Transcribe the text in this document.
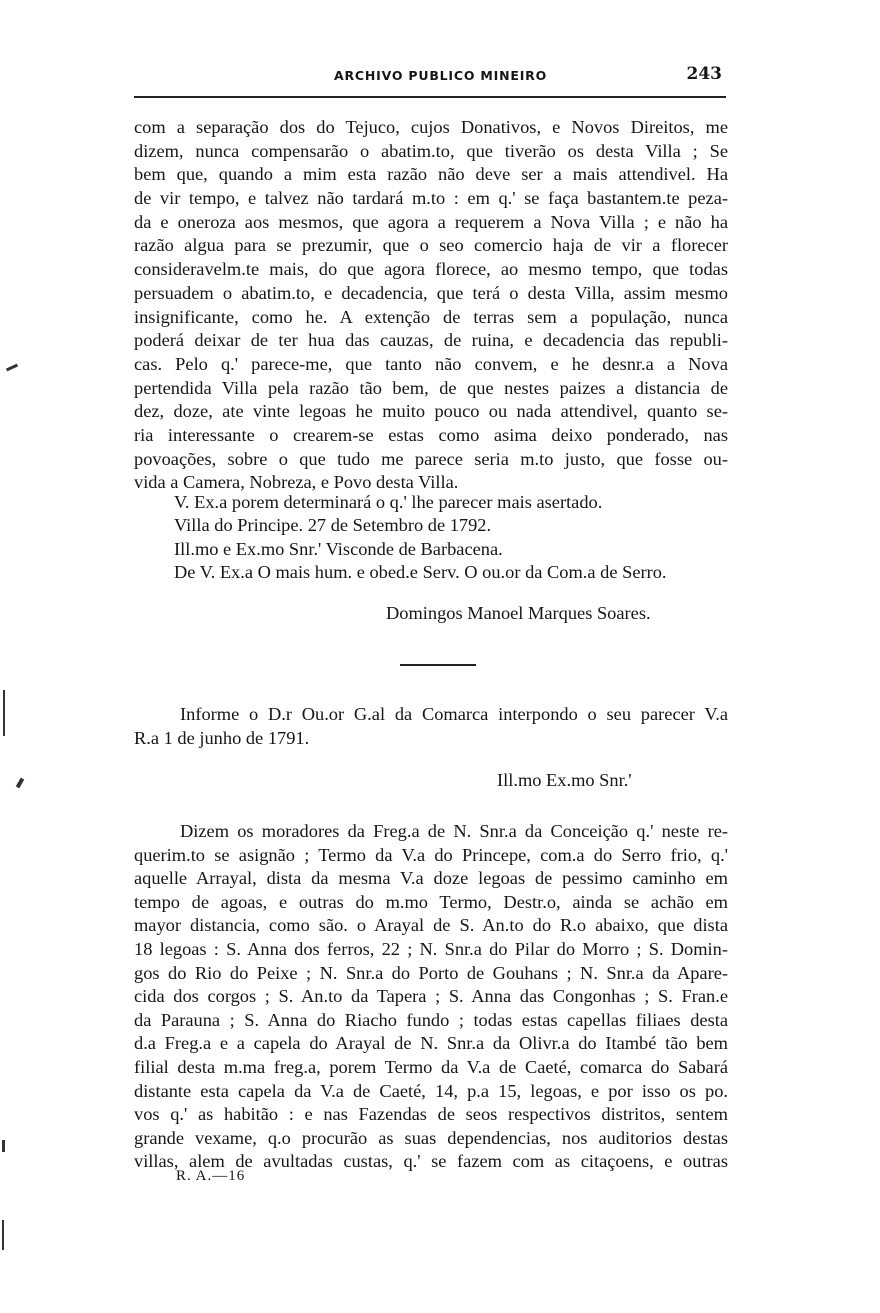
ARCHIVO PUBLICO MINEIRO	243
com a separação dos do Tejuco, cujos Donativos, e Novos Direitos, me
dizem, nunca compensarão o abatim.to, que tiverão os desta Villa ; Se
bem que, quando a mim esta razão não deve ser a mais attendivel. Ha
de vir tempo, e talvez não tardará m.to : em q.' se faça bastantem.te peza-
da e oneroza aos mesmos, que agora a requerem a Nova Villa ; e não ha
razão algua para se prezumir, que o seo comercio haja de vir a florecer
consideravelm.te mais, do que agora florece, ao mesmo tempo, que todas
persuadem o abatim.to, e decadencia, que terá o desta Villa, assim mesmo
insignificante, como he. A extenção de terras sem a população, nunca
poderá deixar de ter hua das cauzas, de ruina, e decadencia das republi-
cas. Pelo q.' parece-me, que tanto não convem, e he desnr.a a Nova
pertendida Villa pela razão tão bem, de que nestes paizes a distancia de
dez, doze, ate vinte legoas he muito pouco ou nada attendivel, quanto se-
ria interessante o crearem-se estas como asima deixo ponderado, nas
povoações, sobre o que tudo me parece seria m.to justo, que fosse ou-
vida a Camera, Nobreza, e Povo desta Villa.
V. Ex.a porem determinará o q.' lhe parecer mais asertado.
Villa do Principe. 27 de Setembro de 1792.
Ill.mo e Ex.mo Snr.' Visconde de Barbacena.
De V. Ex.a O mais hum. e obed.e Serv. O ou.or da Com.a de Serro.
Domingos Manoel Marques Soares.
Informe o D.r Ou.or G.al da Comarca interpondo o seu parecer V.a
R.a 1 de junho de 1791.
Ill.mo Ex.mo Snr.'
Dizem os moradores da Freg.a de N. Snr.a da Conceição q.' neste re-
querim.to se asignão ; Termo da V.a do Princepe, com.a do Serro frio, q.'
aquelle Arrayal, dista da mesma V.a doze legoas de pessimo caminho em
tempo de agoas, e outras do m.mo Termo, Destr.o, ainda se achão em
mayor distancia, como são. o Arayal de S. An.to do R.o abaixo, que dista
18 legoas : S. Anna dos ferros, 22 ; N. Snr.a do Pilar do Morro ; S. Domin-
gos do Rio do Peixe ; N. Snr.a do Porto de Gouhans ; N. Snr.a da Apare-
cida dos corgos ; S. An.to da Tapera ; S. Anna das Congonhas ; S. Fran.e
da Parauna ; S. Anna do Riacho fundo ; todas estas capellas filiaes desta
d.a Freg.a e a capela do Arayal de N. Snr.a da Olivr.a do Itambé tão bem
filial desta m.ma freg.a, porem Termo da V.a de Caeté, comarca do Sabará
distante esta capela da V.a de Caeté, 14, p.a 15, legoas, e por isso os po.
vos q.' as habitão : e nas Fazendas de seos respectivos distritos, sentem
grande vexame, q.o procurão as suas dependencias, nos auditorios destas
villas, alem de avultadas custas, q.' se fazem com as citaçoens, e outras
R. A.—16
